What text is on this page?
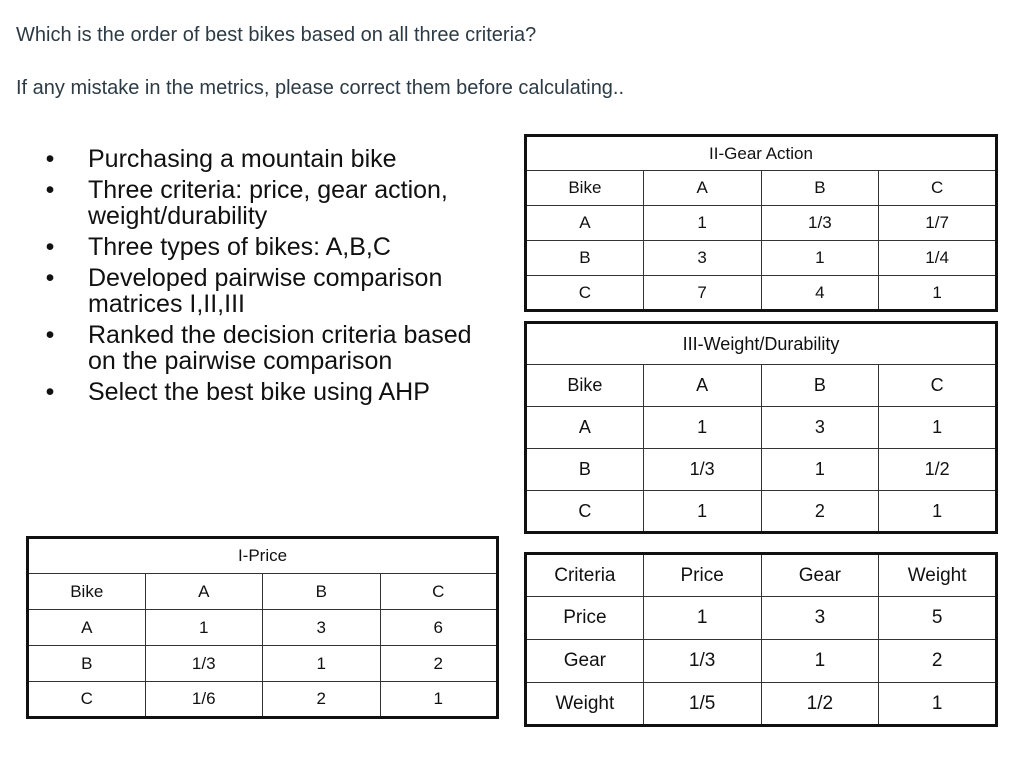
Which is the order of best bikes based on all three criteria?
If any mistake in the metrics, please correct them before calculating..
• Purchasing a mountain bike
• Three criteria: price, gear action, weight/durability
• Three types of bikes: A,B,C
• Developed pairwise comparison matrices I,II,III
• Ranked the decision criteria based on the pairwise comparison
• Select the best bike using AHP
I-Price			
Bike	A	B	C
A	1	3	6
B	1/3	1	2
C	1/6	2	1
II-Gear Action			
Bike	A	B	C
A	1	1/3	1/7
B	3	1	1/4
C	7	4	1
III-Weight/Durability			
Bike	A	B	C
A	1	3	1
B	1/3	1	1/2
C	1	2	1
Criteria	Price	Gear	Weight
Price	1	3	5
Gear	1/3	1	2
Weight	1/5	1/2	1
